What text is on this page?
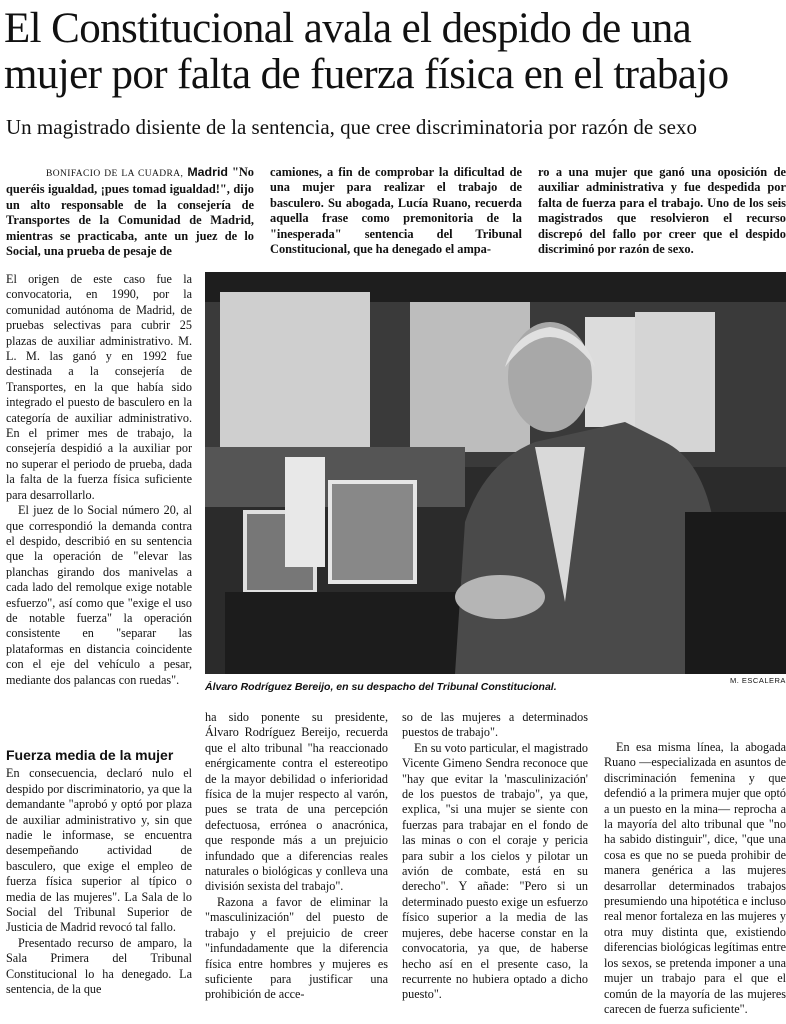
El Constitucional avala el despido de una
mujer por falta de fuerza física en el trabajo
Un magistrado disiente de la sentencia, que cree discriminatoria por razón de sexo

BONIFACIO DE LA CUADRA, Madrid "No queréis igualdad, ¡pues tomad igualdad!", dijo un alto responsable de la consejería de Transportes de la Comunidad de Madrid, mientras se practicaba, ante un juez de lo Social, una prueba de pesaje de

camiones, a fin de comprobar la dificultad de una mujer para realizar el trabajo de basculero. Su abogada, Lucía Ruano, recuerda aquella frase como premonitoria de la "inesperada" sentencia del Tribunal Constitucional, que ha denegado el ampa-

ro a una mujer que ganó una oposición de auxiliar administrativa y fue despedida por falta de fuerza para el trabajo. Uno de los seis magistrados que resolvieron el recurso discrepó del fallo por creer que el despido discriminó por razón de sexo.

El origen de este caso fue la convocatoria, en 1990, por la comunidad autónoma de Madrid, de pruebas selectivas para cubrir 25 plazas de auxiliar administrativo. M. L. M. las ganó y en 1992 fue destinada a la consejería de Transportes, en la que había sido integrado el puesto de basculero en la categoría de auxiliar administrativo. En el primer mes de trabajo, la consejería despidió a la auxiliar por no superar el periodo de prueba, dada la falta de la fuerza física suficiente para desarrollarlo.

El juez de lo Social número 20, al que correspondió la demanda contra el despido, describió en su sentencia que la operación de "elevar las planchas girando dos manivelas a cada lado del remolque exige notable esfuerzo", así como que "exige el uso de notable fuerza" la operación consistente en "separar las plataformas en distancia coincidente con el eje del vehículo a pesar, mediante dos palancas con ruedas".

Fuerza media de la mujer

En consecuencia, declaró nulo el despido por discriminatorio, ya que la demandante "aprobó y optó por plaza de auxiliar administrativo y, sin que nadie le informase, se encuentra desempeñando actividad de basculero, que exige el empleo de fuerza física superior al típico o media de las mujeres". La Sala de lo Social del Tribunal Superior de Justicia de Madrid revocó tal fallo.

Presentado recurso de amparo, la Sala Primera del Tribunal Constitucional lo ha denegado. La sentencia, de la que

Álvaro Rodríguez Bereijo, en su despacho del Tribunal Constitucional.
M. ESCALERA

ha sido ponente su presidente, Álvaro Rodríguez Bereijo, recuerda que el alto tribunal "ha reaccionado enérgicamente contra el estereotipo de la mayor debilidad o inferioridad física de la mujer respecto al varón, pues se trata de una percepción defectuosa, errónea o anacrónica, que responde más a un prejuicio infundado que a diferencias reales naturales o biológicas y conlleva una división sexista del trabajo".

Razona a favor de eliminar la "masculinización" del puesto de trabajo y el prejuicio de creer "infundadamente que la diferencia física entre hombres y mujeres es suficiente para justificar una prohibición de acce-

so de las mujeres a determinados puestos de trabajo".

En su voto particular, el magistrado Vicente Gimeno Sendra reconoce que "hay que evitar la 'masculinización' de los puestos de trabajo", ya que, explica, "si una mujer se siente con fuerzas para trabajar en el fondo de las minas o con el coraje y pericia para subir a los cielos y pilotar un avión de combate, está en su derecho". Y añade: "Pero si un determinado puesto exige un esfuerzo físico superior a la media de las mujeres, debe hacerse constar en la convocatoria, ya que, de haberse hecho así en el presente caso, la recurrente no hubiera optado a dicho puesto".

En esa misma línea, la abogada Ruano —especializada en asuntos de discriminación femenina y que defendió a la primera mujer que optó a un puesto en la mina— reprocha a la mayoría del alto tribunal que "no ha sabido distinguir", dice, "que una cosa es que no se pueda prohibir de manera genérica a las mujeres desarrollar determinados trabajos presumiendo una hipotética e incluso real menor fortaleza en las mujeres y otra muy distinta que, existiendo diferencias biológicas legítimas entre los sexos, se pretenda imponer a una mujer un trabajo para el que el común de la mayoría de las mujeres carecen de fuerza suficiente".
